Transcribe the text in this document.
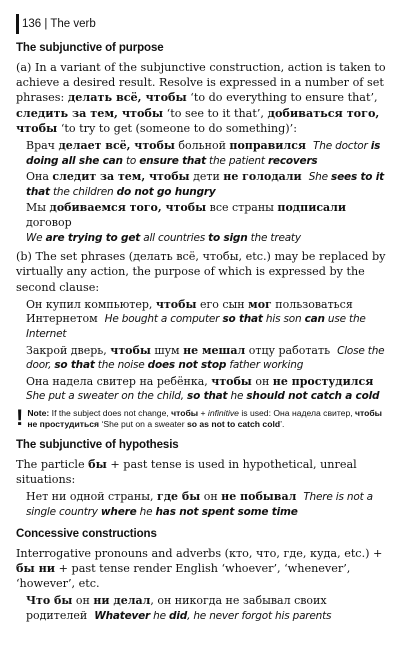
136 | The verb
The subjunctive of purpose

(a) In a variant of the subjunctive construction, action is taken to achieve a desired result. Resolve is expressed in a number of set phrases: делать всё, чтобы ‘to do everything to ensure that’, следить за тем, чтобы ‘to see to it that’, добиваться того, чтобы ‘to try to get (someone to do something)’:

Врач делает всё, чтобы больной поправился The doctor is doing all she can to ensure that the patient recovers
Она следит за тем, чтобы дети не голодали She sees to it that the children do not go hungry
Мы добиваемся того, чтобы все страны подписали договор
We are trying to get all countries to sign the treaty

(b) The set phrases (делать всё, чтобы, etc.) may be replaced by virtually any action, the purpose of which is expressed by the second clause:

Он купил компьютер, чтобы его сын мог пользоваться Интернетом He bought a computer so that his son can use the Internet
Закрой дверь, чтобы шум не мешал отцу работать Close the door, so that the noise does not stop father working
Она надела свитер на ребёнка, чтобы он не простудился  She put a sweater on the child, so that he should not catch a cold
! Note: If the subject does not change, чтобы + infinitive is used: Она надела свитер, чтобы не простудиться ‘She put on a sweater so as not to catch cold’.
The subjunctive of hypothesis

The particle бы + past tense is used in hypothetical, unreal situations:

Нет ни одной страны, где бы он не побывал There is not a single country where he has not spent some time
Concessive constructions

Interrogative pronouns and adverbs (кто, что, где, куда, etc.) + бы ни + past tense render English ‘whoever’, ‘whenever’, ‘however’, etc.

Что бы он ни делал, он никогда не забывал своих родителей Whatever he did, he never forgot his parents
